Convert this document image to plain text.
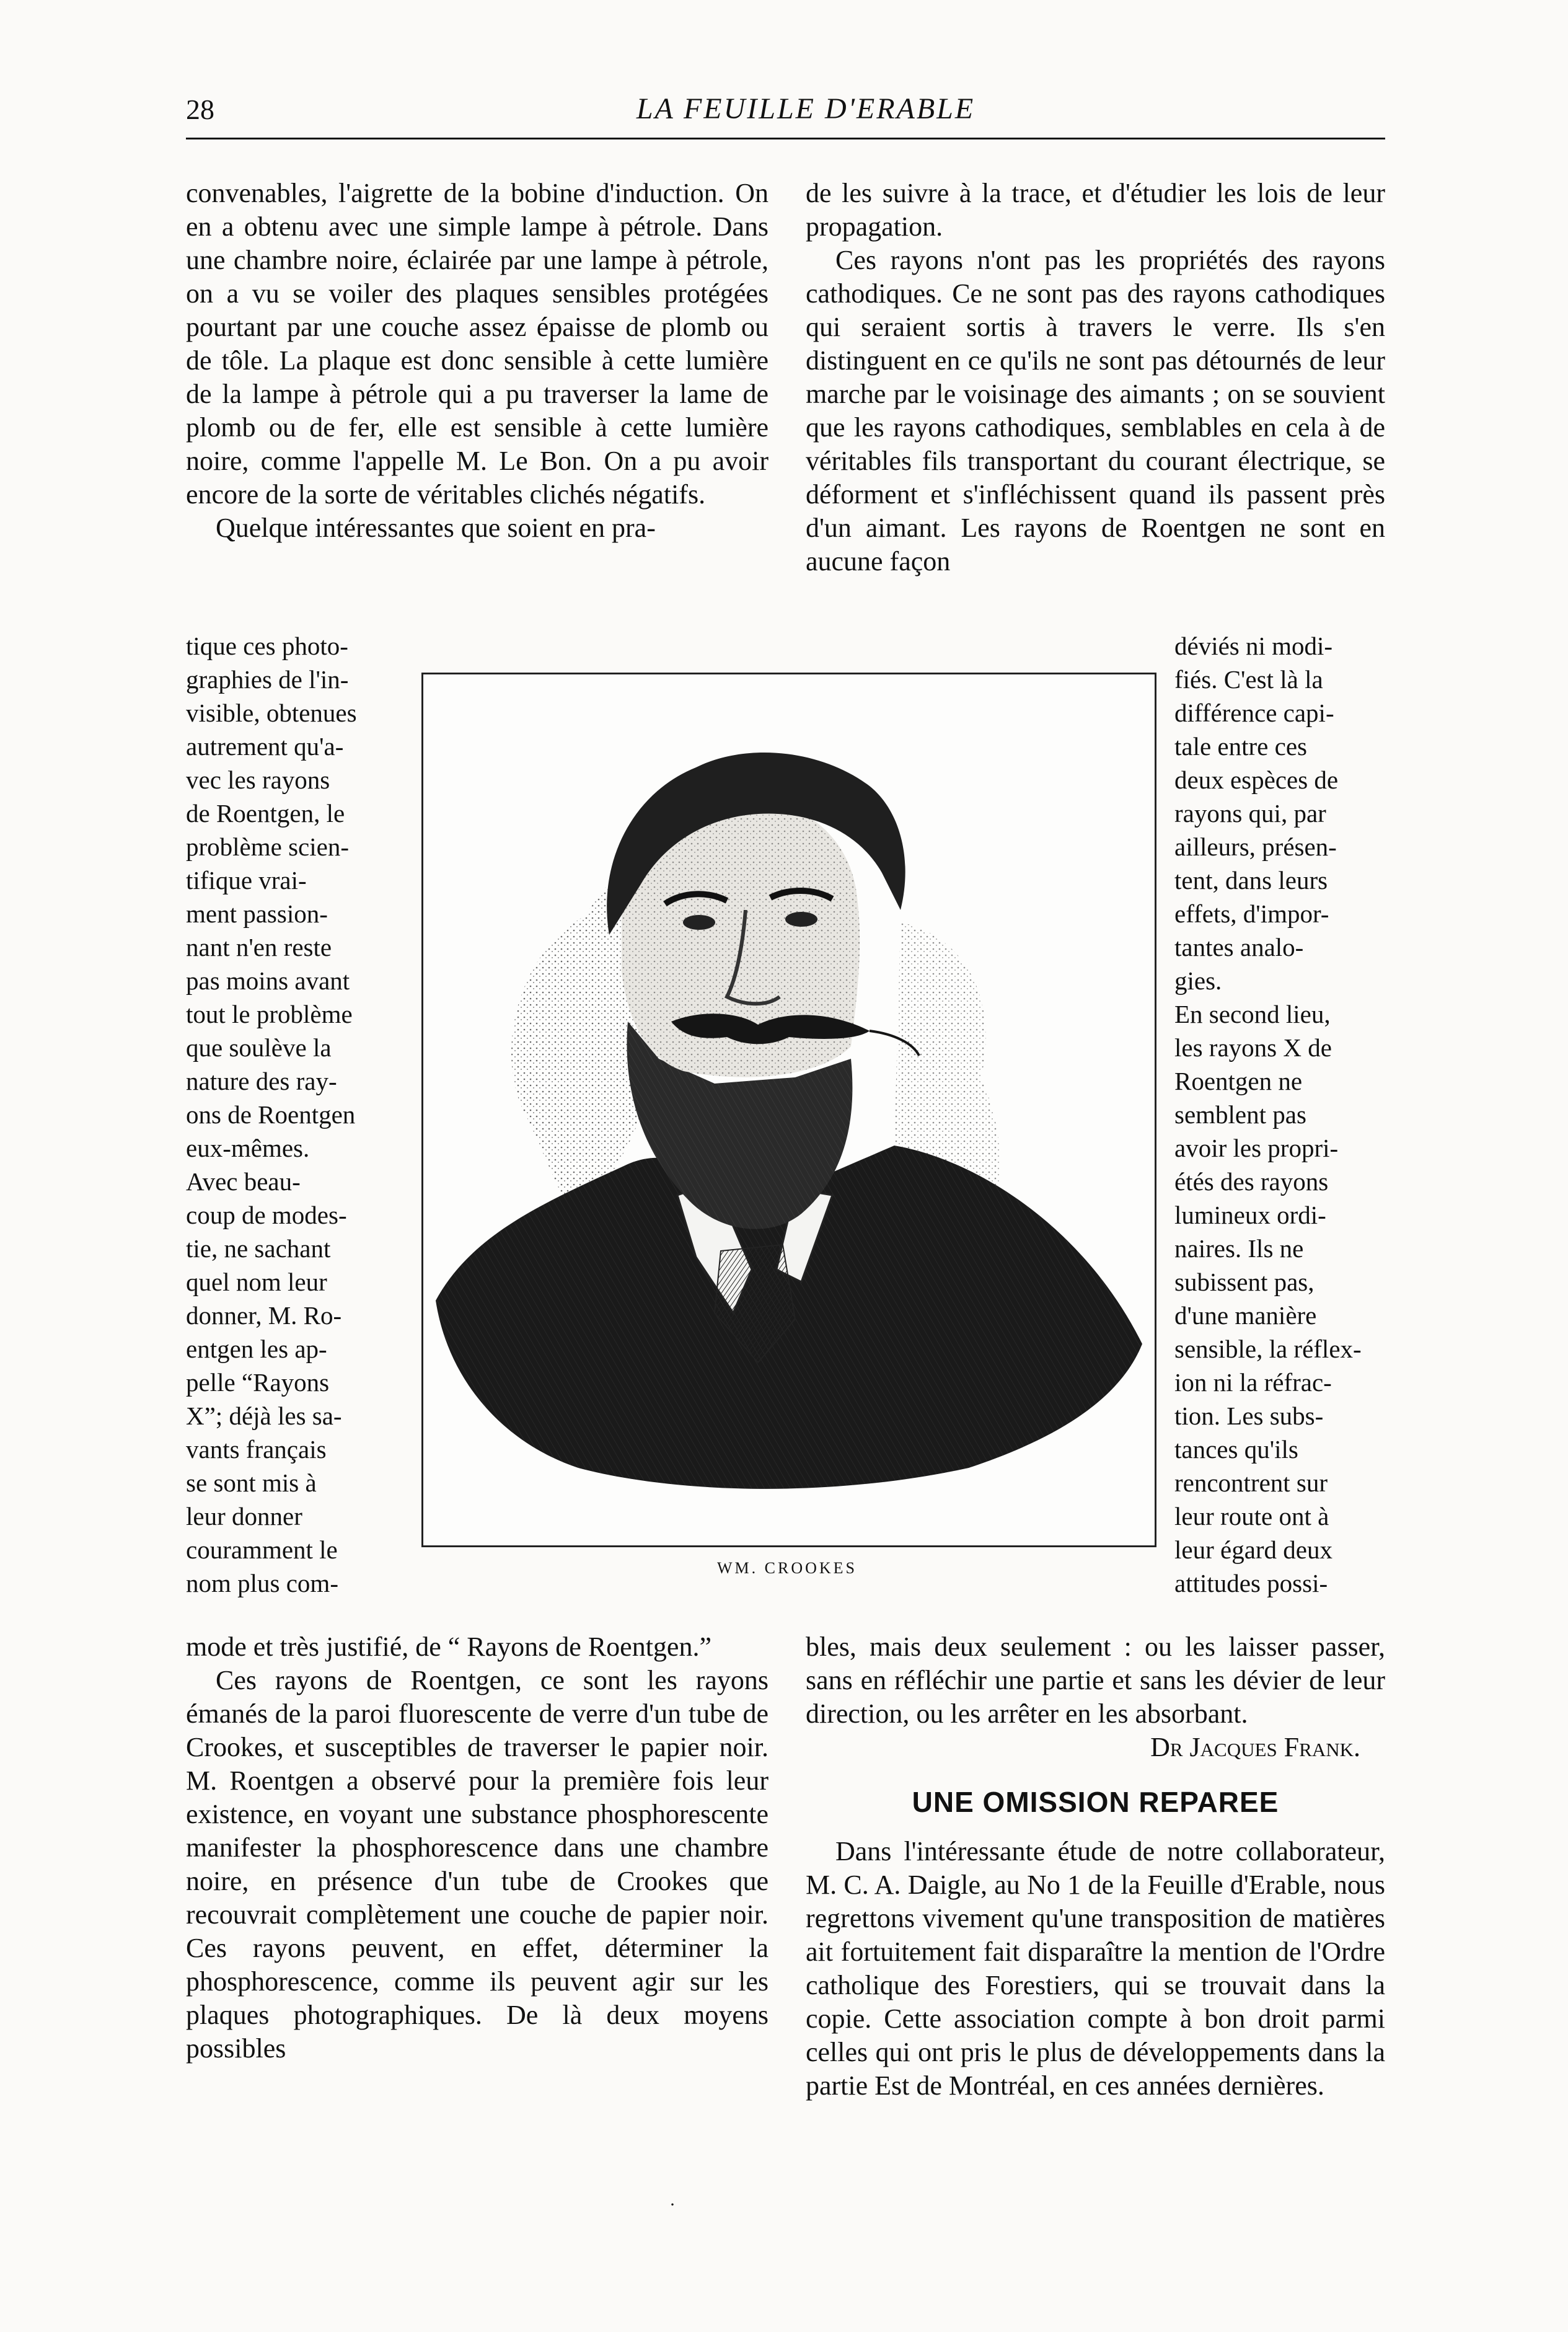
28	LA FEUILLE D'ERABLE

convenables, l'aigrette de la bobine d'induction. On en a obtenu avec une simple lampe à pétrole. Dans une chambre noire, éclairée par une lampe à pétrole, on a vu se voiler des plaques sensibles protégées pourtant par une couche assez épaisse de plomb ou de tôle. La plaque est donc sensible à cette lumière de la lampe à pétrole qui a pu traverser la lame de plomb ou de fer, elle est sensible à cette lumière noire, comme l'appelle M. Le Bon. On a pu avoir encore de la sorte de véritables clichés négatifs.

Quelque intéressantes que soient en pra-

tique ces photo-
graphies de l'in-
visible, obtenues
autrement qu'a-
vec les rayons
de Roentgen, le
problème scien-
tifique vrai-
ment passion-
nant n'en reste
pas moins avant
tout le problème
que soulève la
nature des ray-
ons de Roentgen
eux-mêmes.
Avec beau-
coup de modes-
tie, ne sachant
quel nom leur
donner, M. Ro-
entgen les ap-
pelle “Rayons
X”; déjà les sa-
vants français
se sont mis à
leur donner
couramment le
nom plus com-

mode et très justifié, de “ Rayons de Roentgen.”

Ces rayons de Roentgen, ce sont les rayons émanés de la paroi fluorescente de verre d'un tube de Crookes, et susceptibles de traverser le papier noir. M. Roentgen a observé pour la première fois leur existence, en voyant une substance phosphorescente manifester la phosphorescence dans une chambre noire, en présence d'un tube de Crookes que recouvrait complètement une couche de papier noir. Ces rayons peuvent, en effet, déterminer la phosphorescence, comme ils peuvent agir sur les plaques photographiques. De là deux moyens possibles

de les suivre à la trace, et d'étudier les lois de leur propagation.

Ces rayons n'ont pas les propriétés des rayons cathodiques. Ce ne sont pas des rayons cathodiques qui seraient sortis à travers le verre. Ils s'en distinguent en ce qu'ils ne sont pas détournés de leur marche par le voisinage des aimants ; on se souvient que les rayons cathodiques, semblables en cela à de véritables fils transportant du courant électrique, se déforment et s'infléchissent quand ils passent près d'un aimant. Les rayons de Roentgen ne sont en aucune façon

déviés ni modi-
fiés. C'est là la
différence capi-
tale entre ces
deux espèces de
rayons qui, par
ailleurs, présen-
tent, dans leurs
effets, d'impor-
tantes analo-
gies.
En second lieu,
les rayons X de
Roentgen ne
semblent pas
avoir les propri-
étés des rayons
lumineux ordi-
naires. Ils ne
subissent pas,
d'une manière
sensible, la réflex-
ion ni la réfrac-
tion. Les subs-
tances qu'ils
rencontrent sur
leur route ont à
leur égard deux
attitudes possi-

bles, mais deux seulement : ou les laisser passer, sans en réfléchir une partie et sans les dévier de leur direction, ou les arrêter en les absorbant.

Dr Jacques Frank.
UNE OMISSION REPAREE

Dans l'intéressante étude de notre collaborateur, M. C. A. Daigle, au No 1 de la Feuille d'Erable, nous regrettons vivement qu'une transposition de matières ait fortuitement fait disparaître la mention de l'Ordre catholique des Forestiers, qui se trouvait dans la copie. Cette association compte à bon droit parmi celles qui ont pris le plus de développements dans la partie Est de Montréal, en ces années dernières.

WM. CROOKES
·
